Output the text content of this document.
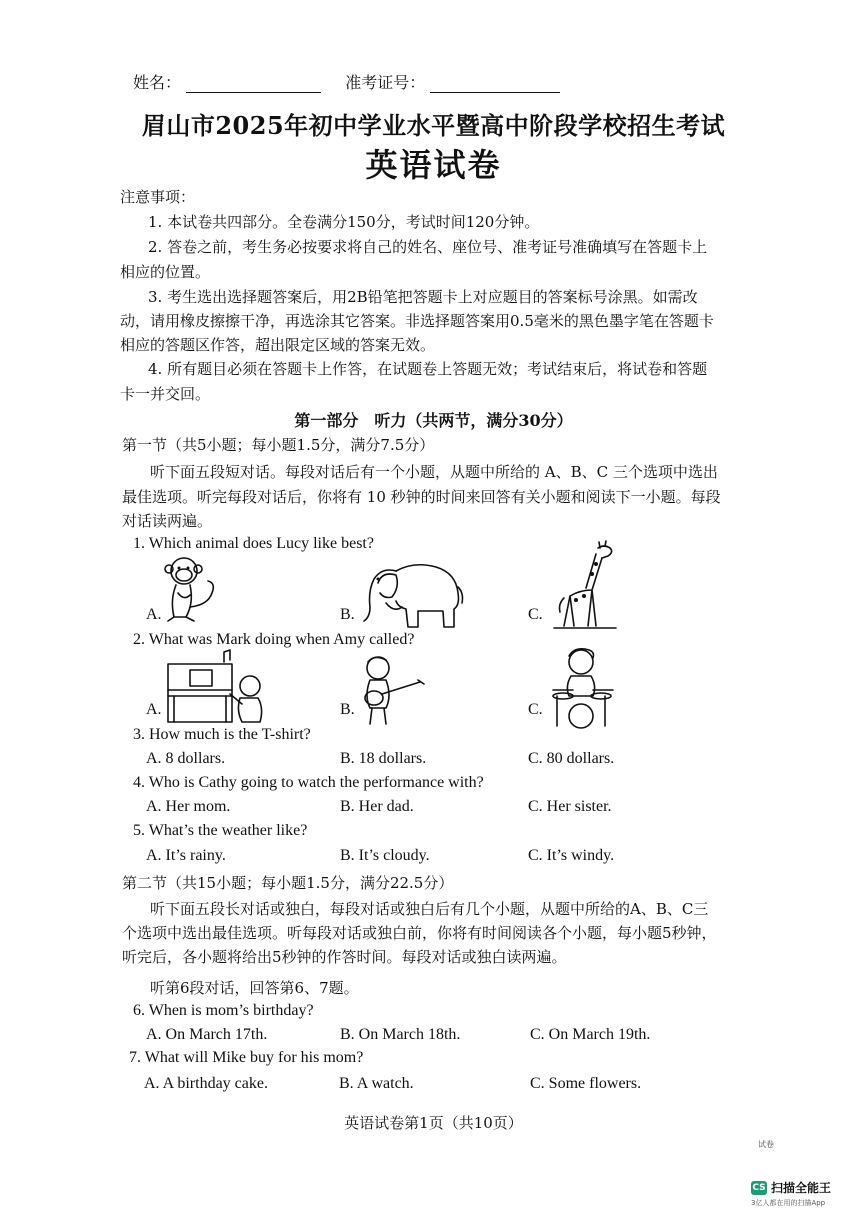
姓名：	准考证号：
眉山市2025年初中学业水平暨高中阶段学校招生考试
英语试卷
注意事项：
1. 本试卷共四部分。全卷满分150分，考试时间120分钟。
2. 答卷之前，考生务必按要求将自己的姓名、座位号、准考证号准确填写在答题卡上
相应的位置。
3. 考生选出选择题答案后，用2B铅笔把答题卡上对应题目的答案标号涂黑。如需改
动，请用橡皮擦擦干净，再选涂其它答案。非选择题答案用0.5毫米的黑色墨字笔在答题卡
相应的答题区作答，超出限定区域的答案无效。
4. 所有题目必须在答题卡上作答，在试题卷上答题无效；考试结束后，将试卷和答题
卡一并交回。
第一部分　听力（共两节，满分30分）
第一节（共5小题；每小题1.5分，满分7.5分）
听下面五段短对话。每段对话后有一个小题，从题中所给的 A、B、C 三个选项中选出
最佳选项。听完每段对话后，你将有 10 秒钟的时间来回答有关小题和阅读下一小题。每段
对话读两遍。
1. Which animal does Lucy like best?
A.	B.	C.
2. What was Mark doing when Amy called?
A.	B.	C.
3. How much is the T-shirt?
A. 8 dollars.	B. 18 dollars.	C. 80 dollars.
4. Who is Cathy going to watch the performance with?
A. Her mom.	B. Her dad.	C. Her sister.
5. What’s the weather like?
A. It’s rainy.	B. It’s cloudy.	C. It’s windy.
第二节（共15小题；每小题1.5分，满分22.5分）
听下面五段长对话或独白，每段对话或独白后有几个小题，从题中所给的A、B、C三
个选项中选出最佳选项。听每段对话或独白前，你将有时间阅读各个小题，每小题5秒钟，
听完后，各小题将给出5秒钟的作答时间。每段对话或独白读两遍。
听第6段对话，回答第6、7题。
6. When is mom’s birthday?
A. On March 17th.	B. On March 18th.	C. On March 19th.
7. What will Mike buy for his mom?
A. A birthday cake.	B. A watch.	C. Some flowers.
英语试卷第1页（共10页）
试卷
CS 扫描全能王
3亿人都在用的扫描App
